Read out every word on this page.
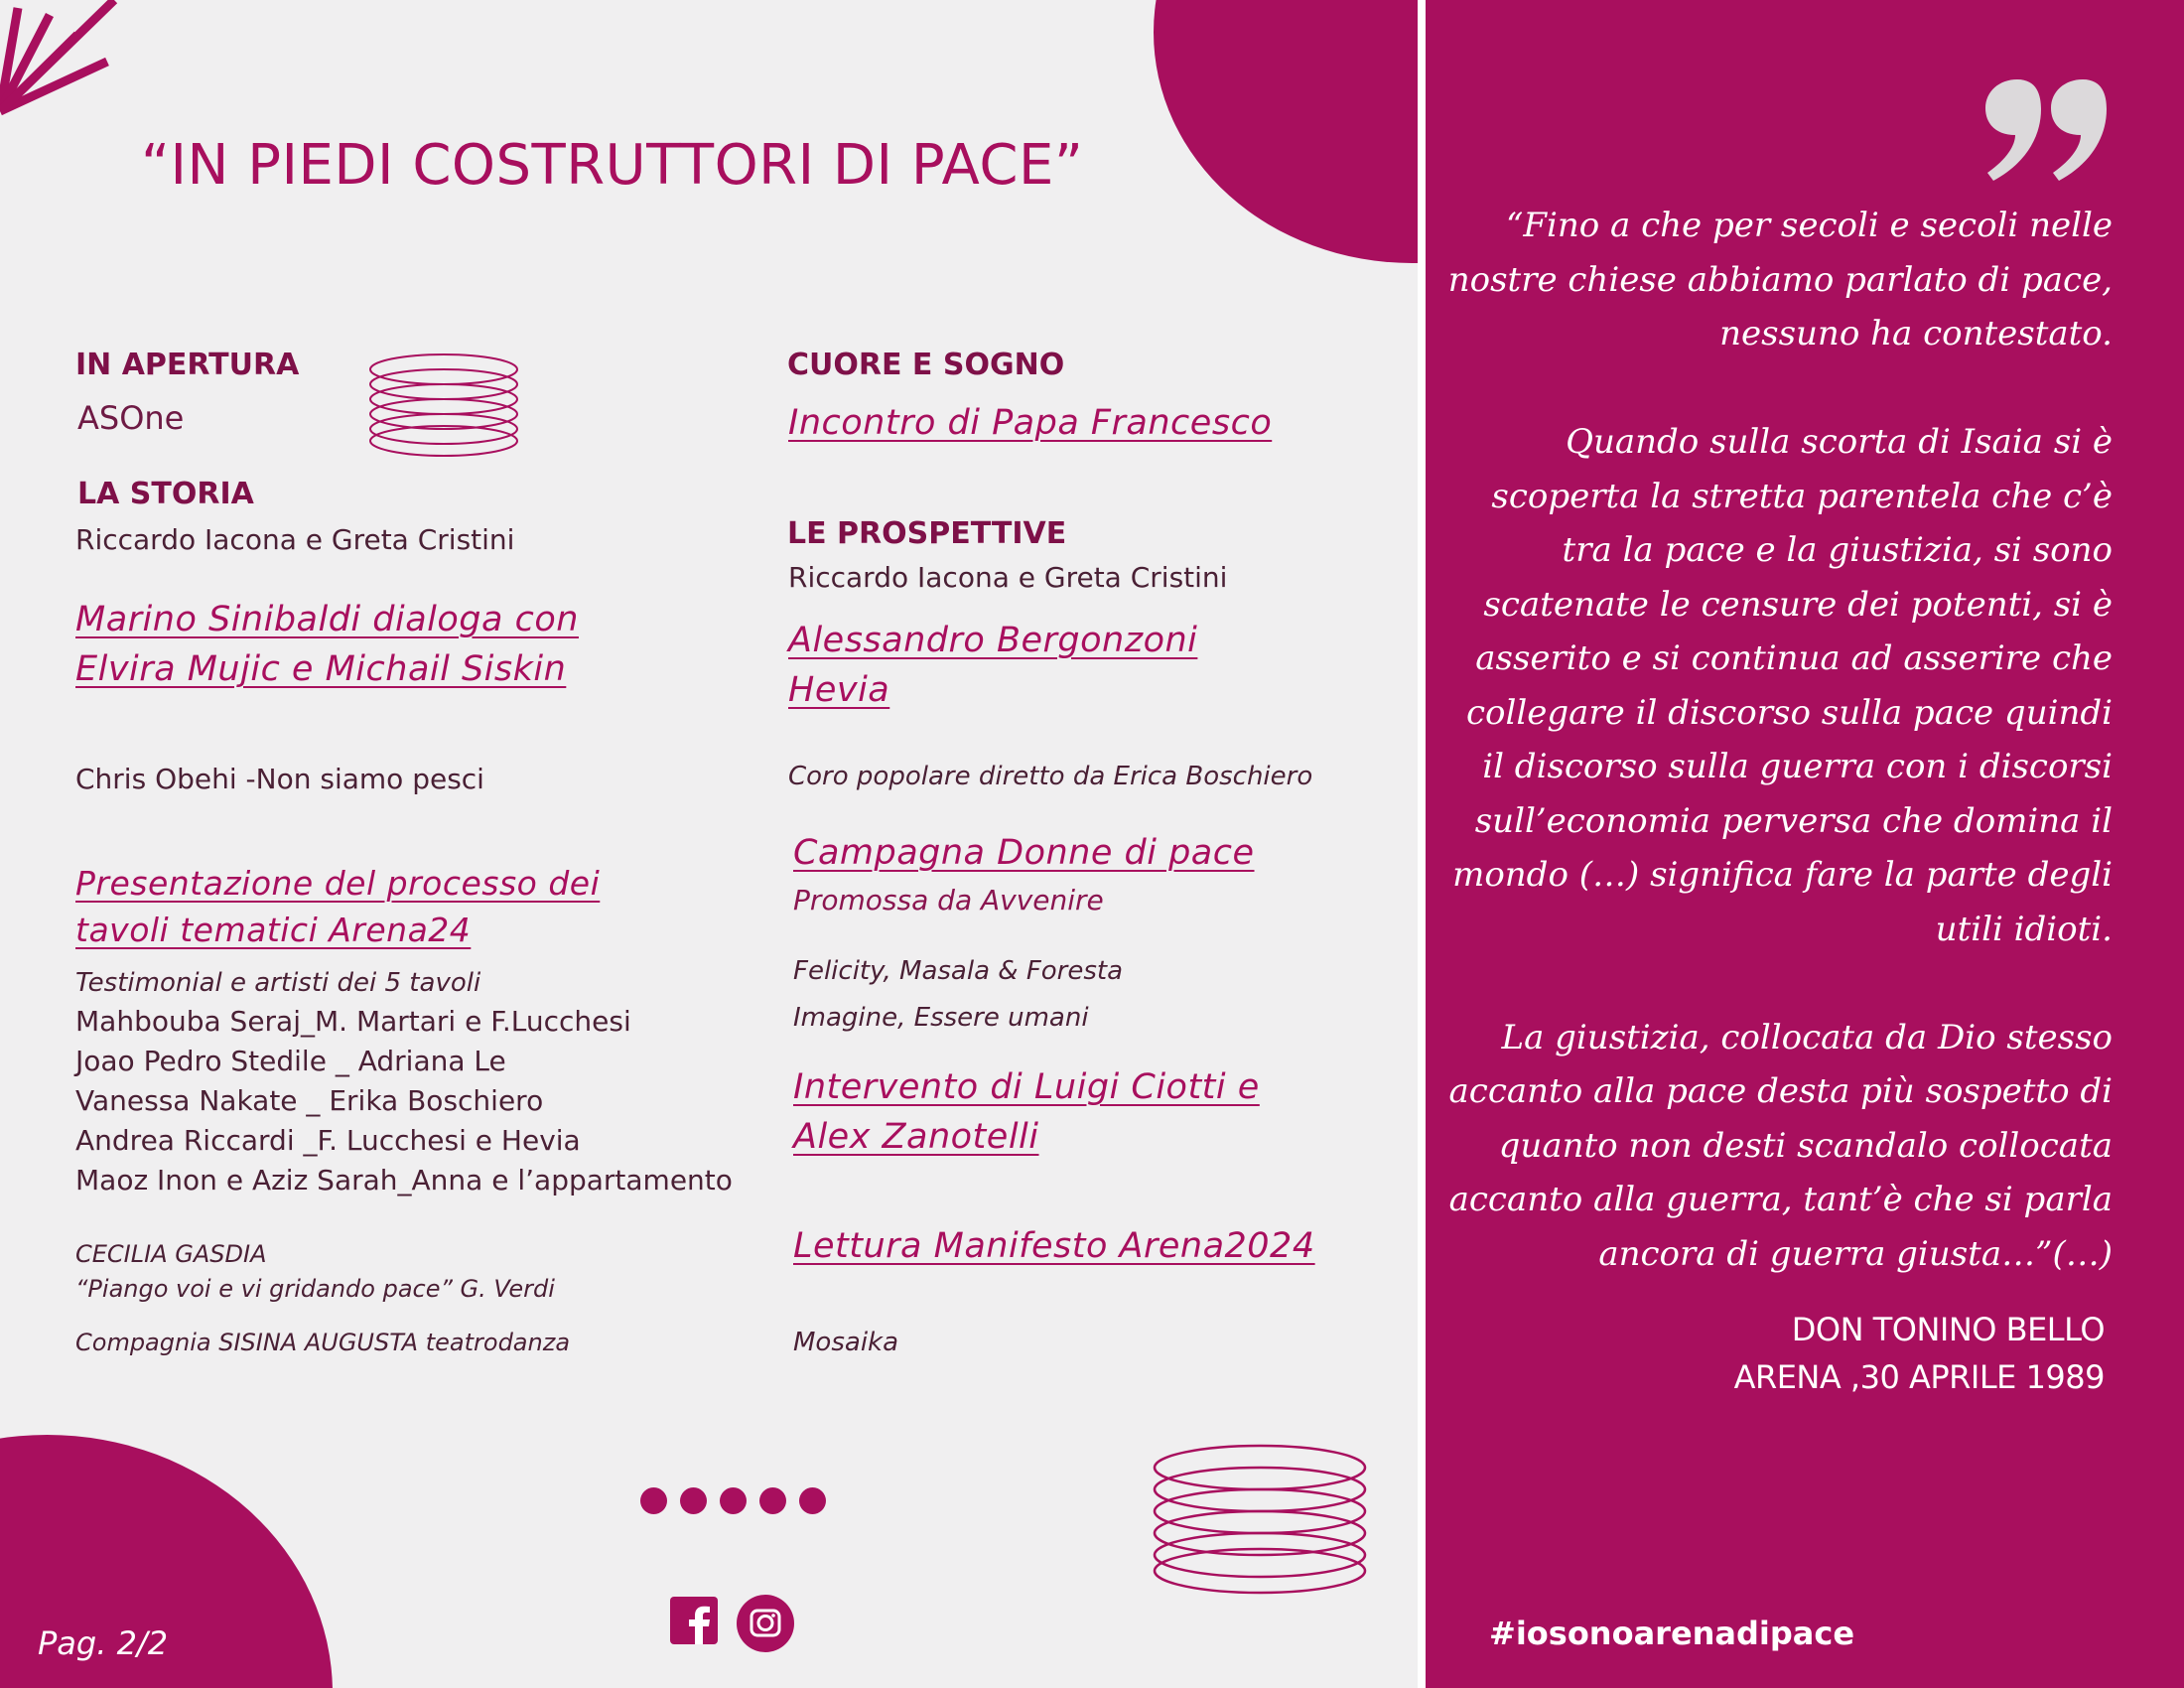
“IN PIEDI COSTRUTTORI DI PACE”
IN APERTURA
ASOne
LA STORIA
Riccardo Iacona e Greta Cristini
Marino Sinibaldi dialoga con
Elvira Mujic e Michail Siskin
Chris Obehi -Non siamo pesci
Presentazione del processo dei
tavoli tematici Arena24
Testimonial e artisti dei 5 tavoli
Mahbouba Seraj_M. Martari e F.Lucchesi
Joao Pedro Stedile _ Adriana Le
Vanessa Nakate _ Erika Boschiero
Andrea Riccardi _F. Lucchesi e Hevia
Maoz Inon e Aziz Sarah_Anna e l’appartamento
CECILIA GASDIA
“Piango voi e vi gridando pace” G. Verdi
Compagnia SISINA AUGUSTA teatrodanza
CUORE E SOGNO
Incontro di Papa Francesco
LE PROSPETTIVE
Riccardo Iacona e Greta Cristini
Alessandro Bergonzoni
Hevia
Coro popolare diretto da Erica Boschiero
Campagna Donne di pace
Promossa da Avvenire
Felicity, Masala & Foresta
Imagine, Essere umani
Intervento di Luigi Ciotti e
Alex Zanotelli
Lettura Manifesto Arena2024
Mosaika
Pag. 2/2

“Fino a che per secoli e secoli nelle

nostre chiese abbiamo parlato di pace,

nessuno ha contestato.

Quando sulla scorta di Isaia si è

scoperta la stretta parentela che c’è

tra la pace e la giustizia, si sono

scatenate le censure dei potenti, si è

asserito e si continua ad asserire che

collegare il discorso sulla pace quindi

il discorso sulla guerra con i discorsi

sull’economia perversa che domina il

mondo (…) significa fare la parte degli

utili idioti.

La giustizia, collocata da Dio stesso

accanto alla pace desta più sospetto di

quanto non desti scandalo collocata

accanto alla guerra, tant’è che si parla

ancora di guerra giusta…”(…)

DON TONINO BELLO
ARENA ,30 APRILE 1989
#iosonoarenadipace
